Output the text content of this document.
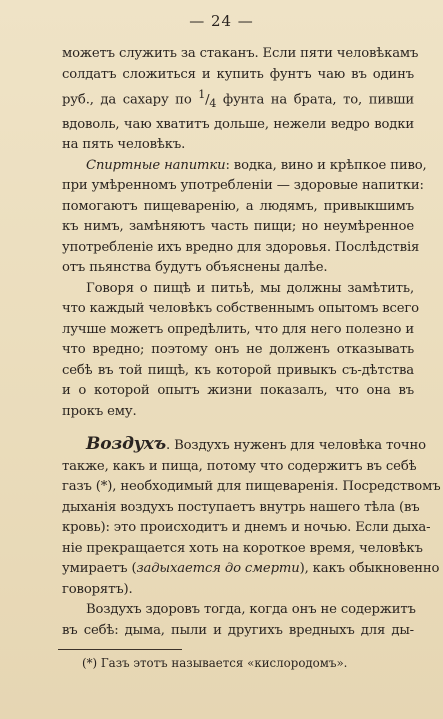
— 24 —
можетъ служить за стаканъ. Если пяти человѣкамъ
солдатъ сложиться и купить фунтъ чаю въ одинъ
руб., да сахару по $^1/_4$ фунта на брата, то, пивши
вдоволь, чаю хватитъ дольше, нежели ведро водки
на пять человѣкъ.
Спиртные напитки: водка, вино и крѣпкое пиво,
при умѣренномъ употребленіи — здоровые напитки:
помогаютъ пищеваренію, а людямъ, привыкшимъ
къ нимъ, замѣняютъ часть пищи; но неумѣренное
употребленіе ихъ вредно для здоровья. Послѣдствія
отъ пьянства будутъ объяснены далѣе.
Говоря о пищѣ и питьѣ, мы должны замѣтить,
что каждый человѣкъ собственнымъ опытомъ всего
лучше можетъ опредѣлить, что для него полезно и
что вредно; поэтому онъ не долженъ отказывать
себѣ въ той пищѣ, къ которой привыкъ съ-дѣтства
и о которой опытъ жизни показалъ, что она въ
прокъ ему.
Воздухъ. Воздухъ нуженъ для человѣка точно
также, какъ и пища, потому что содержитъ въ себѣ
газъ (*), необходимый для пищеваренія. Посредствомъ
дыханія воздухъ поступаетъ внутрь нашего тѣла (въ
кровь): это происходитъ и днемъ и ночью. Если дыха-
ніе прекращается хоть на короткое время, человѣкъ
умираетъ (задыхается до смерти), какъ обыкновенно
говорятъ).
Воздухъ здоровъ тогда, когда онъ не содержитъ
въ себѣ: дыма, пыли и другихъ вредныхъ для ды-
(*) Газъ этотъ называется «кислородомъ».
